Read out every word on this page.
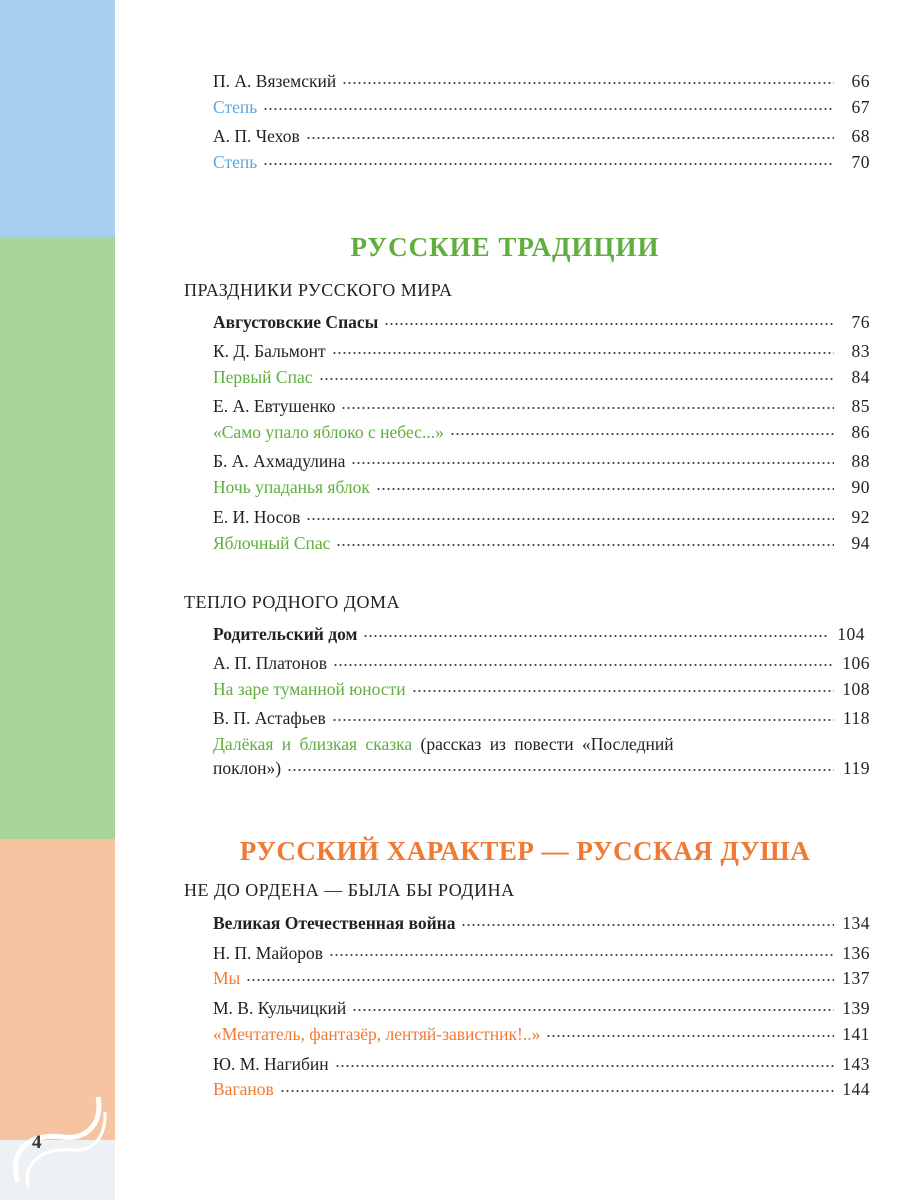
4
П. А. Вяземский	66
Степь	67
А. П. Чехов	68
Степь	70
РУССКИЕ ТРАДИЦИИ
ПРАЗДНИКИ РУССКОГО МИРА
Августовские Спасы	76
К. Д. Бальмонт	83
Первый Спас	84
Е. А. Евтушенко	85
«Само упало яблоко с небес...»	86
Б. А. Ахмадулина	88
Ночь упаданья яблок	90
Е. И. Носов	92
Яблочный Спас	94
ТЕПЛО РОДНОГО ДОМА
Родительский дом	104
А. П. Платонов	106
На заре туманной юности	108
В. П. Астафьев	118
Далёкая и близкая сказка (рассказ из повести «Последний
поклон»)	119
РУССКИЙ ХАРАКТЕР — РУССКАЯ ДУША
НЕ ДО ОРДЕНА — БЫЛА БЫ РОДИНА
Великая Отечественная война	134
Н. П. Майоров	136
Мы	137
М. В. Кульчицкий	139
«Мечтатель, фантазёр, лентяй-завистник!..»	141
Ю. М. Нагибин	143
Ваганов	144
